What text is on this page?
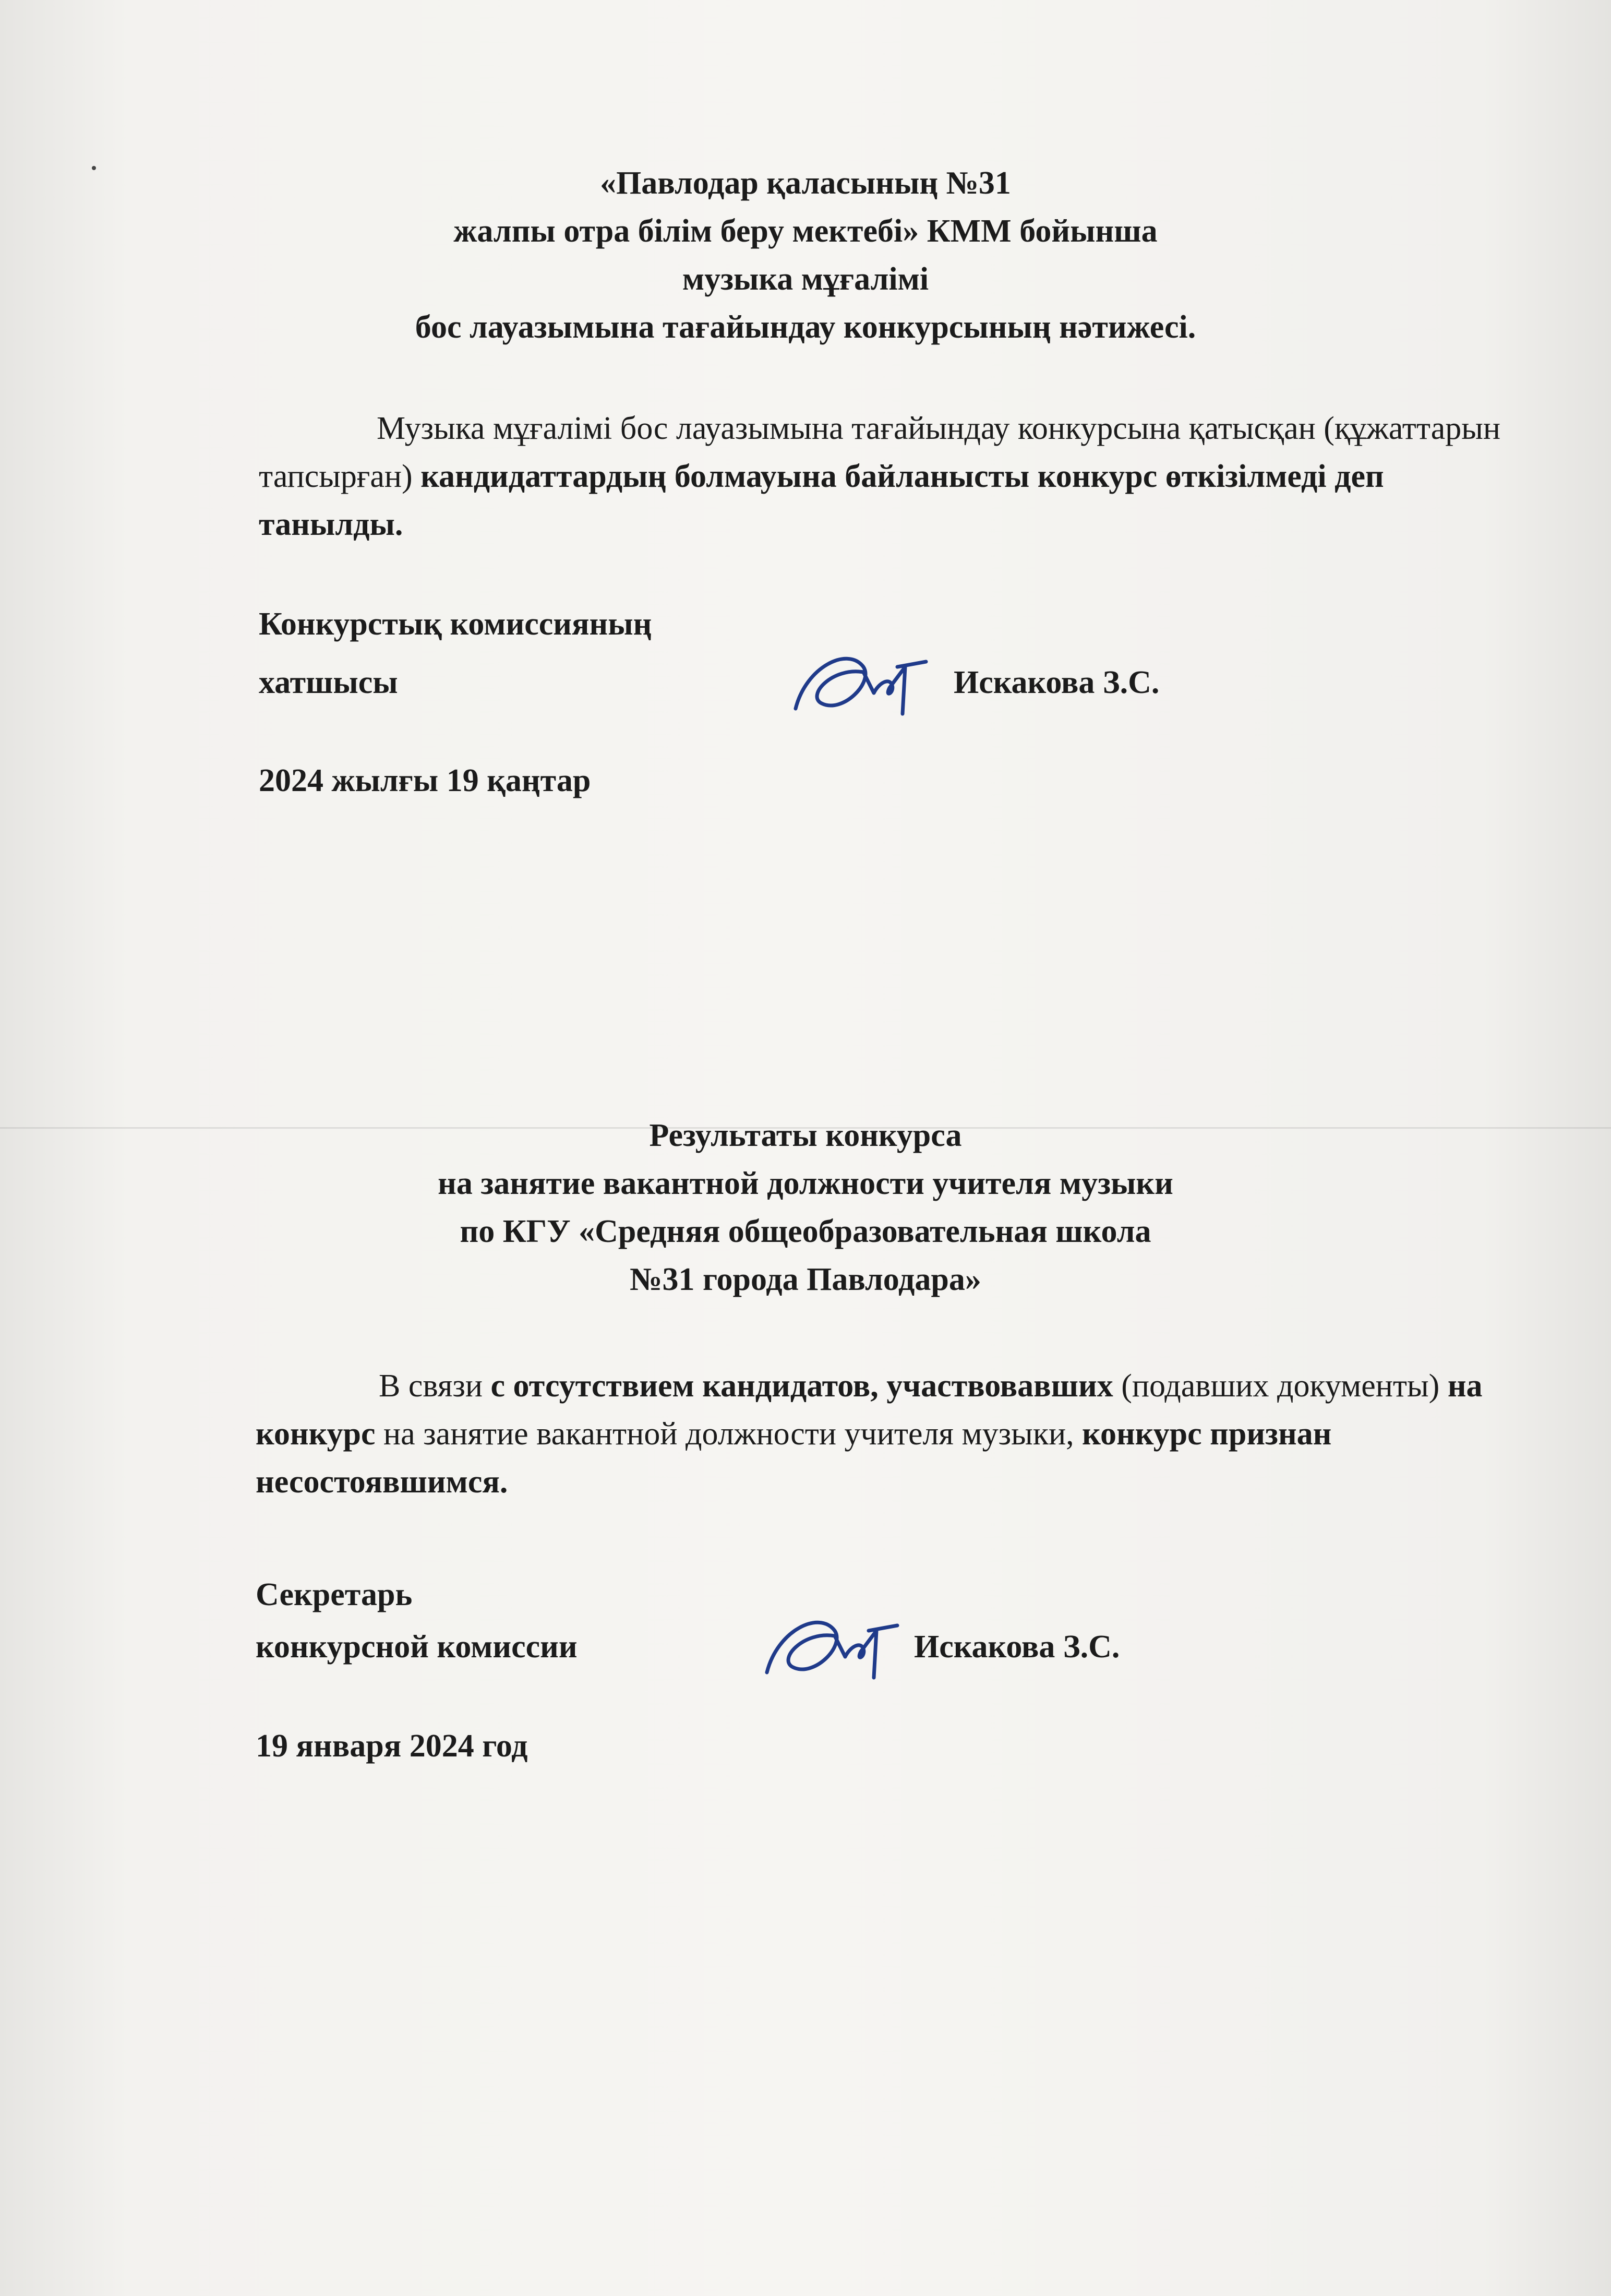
«Павлодар қаласының №31
жалпы отра білім беру мектебі» КММ бойынша
музыка мұғалімі
бос лауазымына тағайындау конкурсының нәтижесі.
Музыка мұғалімі бос лауазымына тағайындау конкурсына қатысқан (құжаттарын тапсырған) кандидаттардың болмауына байланысты конкурс өткізілмеді деп танылды.
Конкурстық комиссияның
хатшысы	Искакова З.С.
2024 жылғы 19 қаңтар
Результаты конкурса
на занятие вакантной должности учителя музыки
по КГУ «Средняя общеобразовательная школа
№31 города Павлодара»
В связи с отсутствием кандидатов, участвовавших (подавших документы) на конкурс на занятие вакантной должности учителя музыки, конкурс признан несостоявшимся.
Секретарь
конкурсной комиссии	Искакова З.С.
19 января 2024 год
